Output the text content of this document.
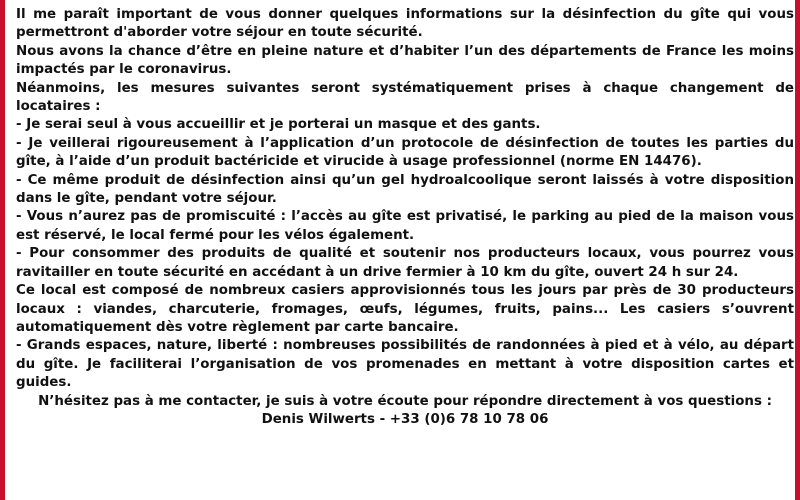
Il me paraît important de vous donner quelques informations sur la désinfection du gîte qui vous permettront d'aborder votre séjour en toute sécurité.

Nous avons la chance d’être en pleine nature et d’habiter l’un des départements de France les moins impactés par le coronavirus.

Néanmoins, les mesures suivantes seront systématiquement prises à chaque changement de locataires :

- Je serai seul à vous accueillir et je porterai un masque et des gants.

- Je veillerai rigoureusement à l’application d’un protocole de désinfection de toutes les parties du gîte, à l’aide d’un produit bactéricide et virucide à usage professionnel (norme EN 14476).

- Ce même produit de désinfection ainsi qu’un gel hydroalcoolique seront laissés à votre disposition dans le gîte, pendant votre séjour.

- Vous n’aurez pas de promiscuité : l’accès au gîte est privatisé, le parking au pied de la maison vous est réservé, le local fermé pour les vélos également.

- Pour consommer des produits de qualité et soutenir nos producteurs locaux, vous pourrez vous ravitailler en toute sécurité en accédant à un drive fermier à 10 km du gîte, ouvert 24 h sur 24.

Ce local est composé de nombreux casiers approvisionnés tous les jours par près de 30 producteurs locaux : viandes, charcuterie, fromages, œufs, légumes, fruits, pains... Les casiers s’ouvrent automatiquement dès votre règlement par carte bancaire.

- Grands espaces, nature, liberté : nombreuses possibilités de randonnées à pied et à vélo, au départ du gîte. Je faciliterai l’organisation de vos promenades en mettant à votre disposition cartes et guides.

N’hésitez pas à me contacter, je suis à votre écoute pour répondre directement à vos questions :

Denis Wilwerts - +33 (0)6 78 10 78 06
